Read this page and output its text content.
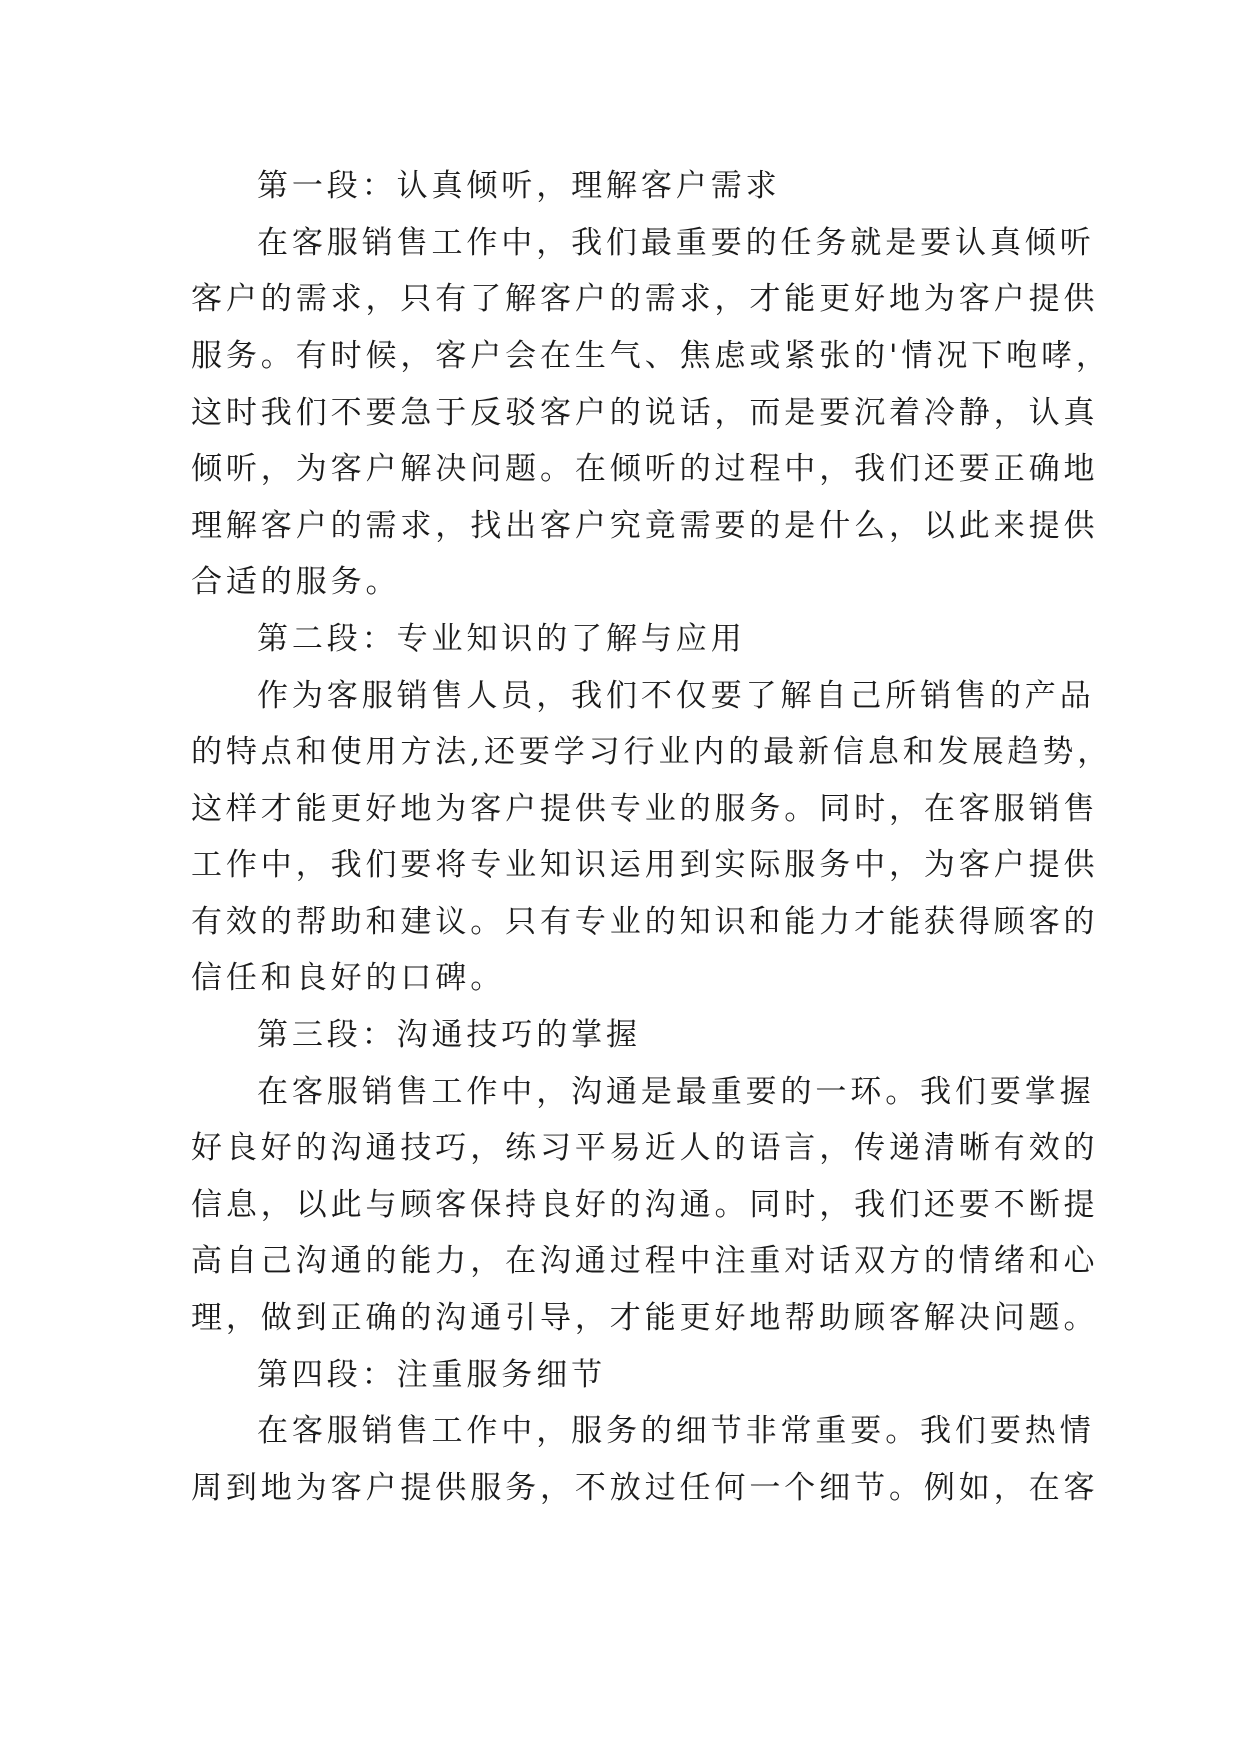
第一段：认真倾听，理解客户需求
在客服销售工作中，我们最重要的任务就是要认真倾听
客户的需求，只有了解客户的需求，才能更好地为客户提供
服务。有时候，客户会在生气、焦虑或紧张的'情况下咆哮，
这时我们不要急于反驳客户的说话，而是要沉着冷静，认真
倾听，为客户解决问题。在倾听的过程中，我们还要正确地
理解客户的需求，找出客户究竟需要的是什么，以此来提供
合适的服务。
第二段：专业知识的了解与应用
作为客服销售人员，我们不仅要了解自己所销售的产品
的特点和使用方法,还要学习行业内的最新信息和发展趋势，
这样才能更好地为客户提供专业的服务。同时，在客服销售
工作中，我们要将专业知识运用到实际服务中，为客户提供
有效的帮助和建议。只有专业的知识和能力才能获得顾客的
信任和良好的口碑。
第三段：沟通技巧的掌握
在客服销售工作中，沟通是最重要的一环。我们要掌握
好良好的沟通技巧，练习平易近人的语言，传递清晰有效的
信息，以此与顾客保持良好的沟通。同时，我们还要不断提
高自己沟通的能力，在沟通过程中注重对话双方的情绪和心
理，做到正确的沟通引导，才能更好地帮助顾客解决问题。
第四段：注重服务细节
在客服销售工作中，服务的细节非常重要。我们要热情
周到地为客户提供服务，不放过任何一个细节。例如，在客
